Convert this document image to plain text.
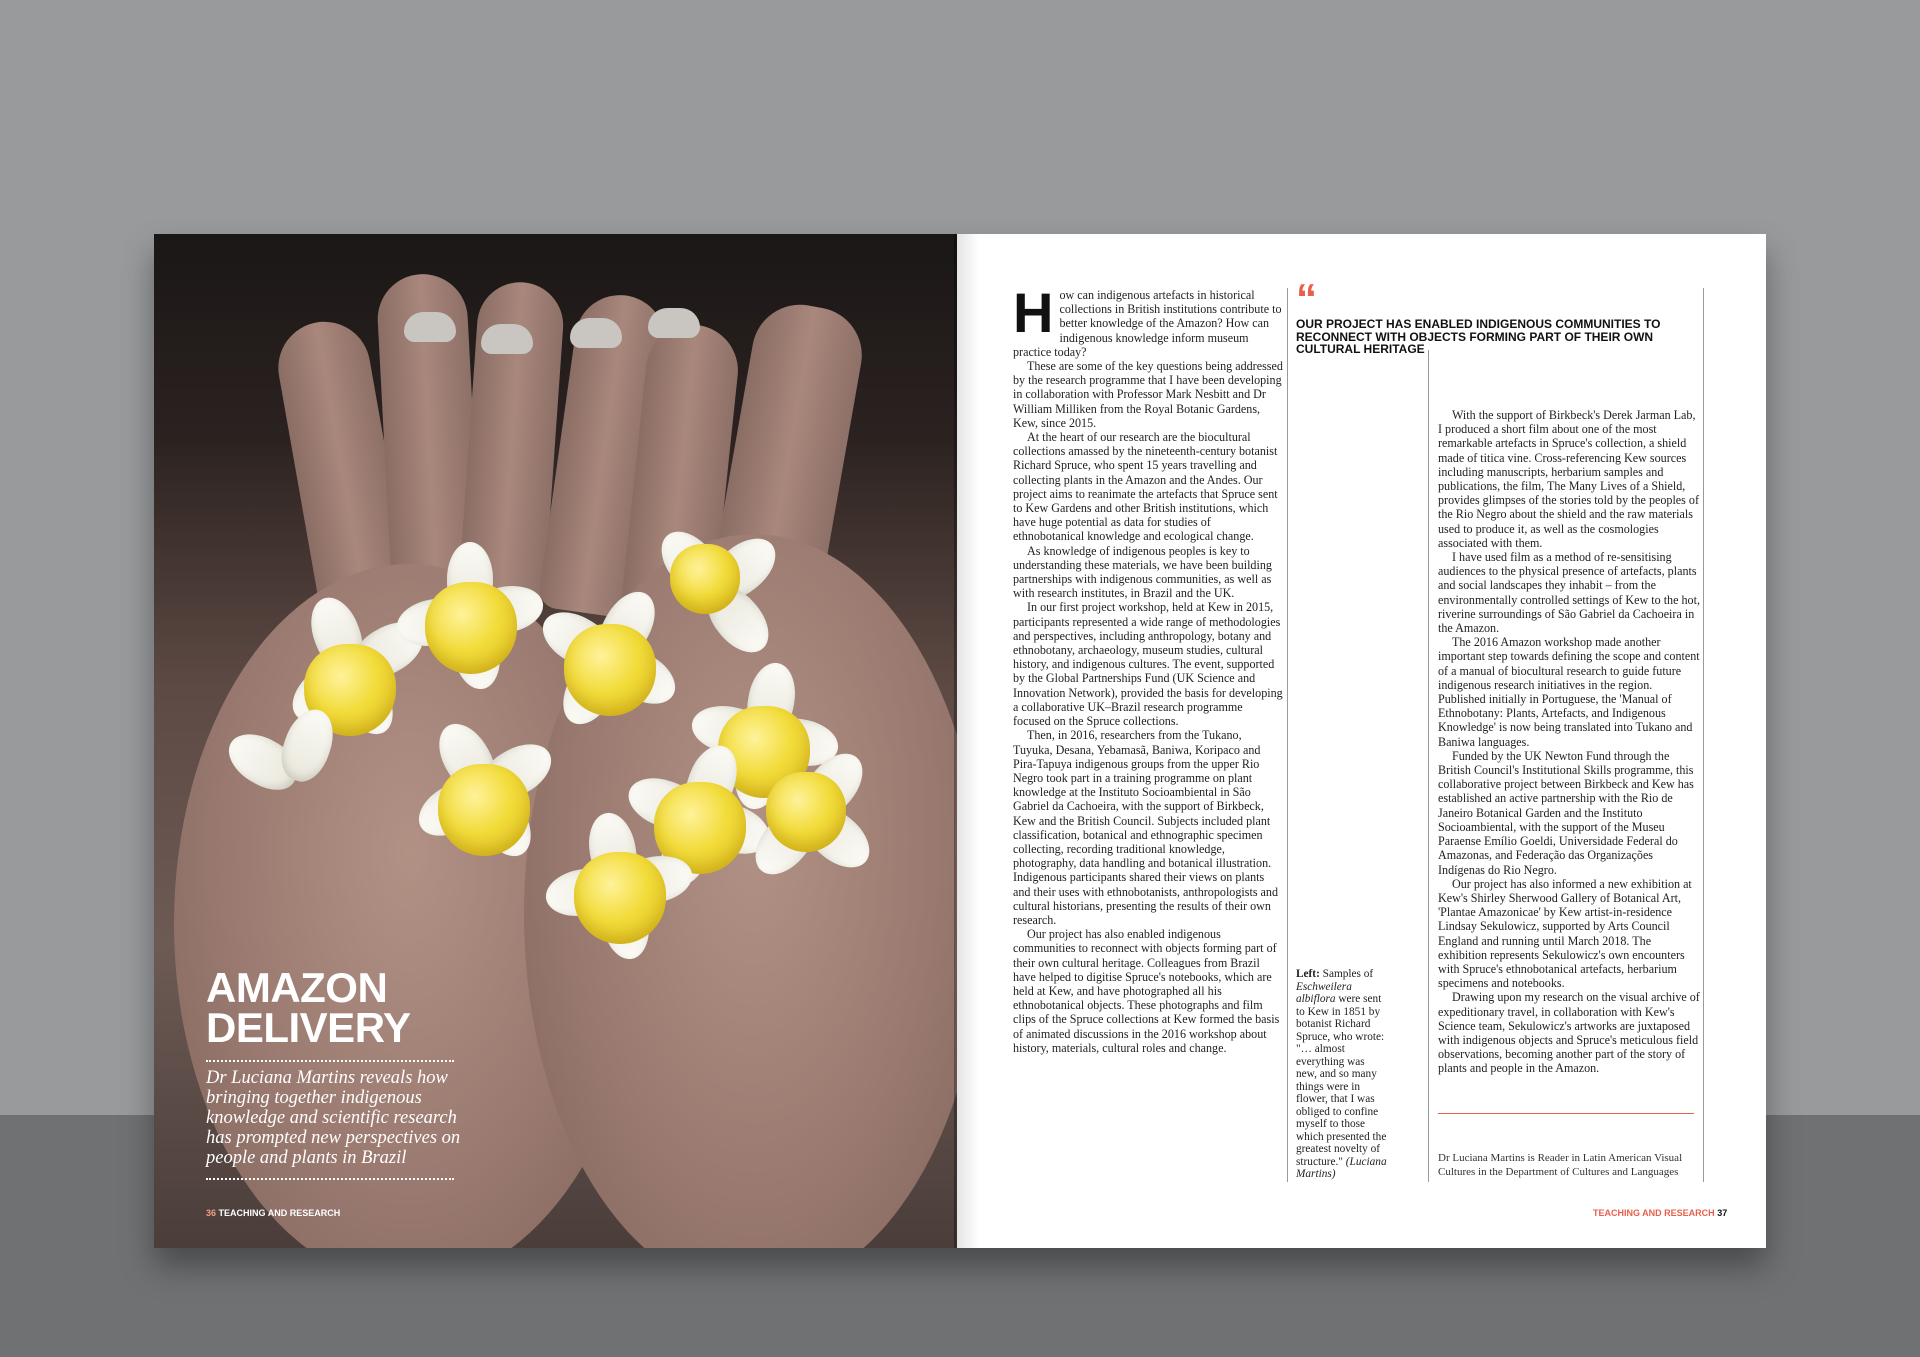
AMAZON
DELIVERY

Dr Luciana Martins reveals how bringing together indigenous knowledge and scientific research has prompted new perspectives on people and plants in Brazil

36 TEACHING AND RESEARCH

How can indigenous artefacts in historical collections in British institutions contribute to better knowledge of the Amazon? How can indigenous knowledge inform museum practice today?

These are some of the key questions being addressed by the research programme that I have been developing in collaboration with Professor Mark Nesbitt and Dr William Milliken from the Royal Botanic Gardens, Kew, since 2015.

At the heart of our research are the biocultural collections amassed by the nineteenth-century botanist Richard Spruce, who spent 15 years travelling and collecting plants in the Amazon and the Andes. Our project aims to reanimate the artefacts that Spruce sent to Kew Gardens and other British institutions, which have huge potential as data for studies of ethnobotanical knowledge and ecological change.

As knowledge of indigenous peoples is key to understanding these materials, we have been building partnerships with indigenous communities, as well as with research institutes, in Brazil and the UK.

In our first project workshop, held at Kew in 2015, participants represented a wide range of methodologies and perspectives, including anthropology, botany and ethnobotany, archaeology, museum studies, cultural history, and indigenous cultures. The event, supported by the Global Partnerships Fund (UK Science and Innovation Network), provided the basis for developing a collaborative UK–Brazil research programme focused on the Spruce collections.

Then, in 2016, researchers from the Tukano, Tuyuka, Desana, Yebamasã, Baniwa, Koripaco and Pira-Tapuya indigenous groups from the upper Rio Negro took part in a training programme on plant knowledge at the Instituto Socioambiental in São Gabriel da Cachoeira, with the support of Birkbeck, Kew and the British Council. Subjects included plant classification, botanical and ethnographic specimen collecting, recording traditional knowledge, photography, data handling and botanical illustration. Indigenous participants shared their views on plants and their uses with ethnobotanists, anthropologists and cultural historians, presenting the results of their own research.

Our project has also enabled indigenous communities to reconnect with objects forming part of their own cultural heritage. Colleagues from Brazil have helped to digitise Spruce's notebooks, which are held at Kew, and have photographed all his ethnobotanical objects. These photographs and film clips of the Spruce collections at Kew formed the basis of animated discussions in the 2016 workshop about history, materials, cultural roles and change.

“

OUR PROJECT HAS ENABLED INDIGENOUS COMMUNITIES TO RECONNECT WITH OBJECTS FORMING PART OF THEIR OWN CULTURAL HERITAGE

Left: Samples of Eschweilera albiflora were sent to Kew in 1851 by botanist Richard Spruce, who wrote: "… almost everything was new, and so many things were in flower, that I was obliged to confine myself to those which presented the greatest novelty of structure." (Luciana Martins)

With the support of Birkbeck's Derek Jarman Lab, I produced a short film about one of the most remarkable artefacts in Spruce's collection, a shield made of titica vine. Cross-referencing Kew sources including manuscripts, herbarium samples and publications, the film, The Many Lives of a Shield, provides glimpses of the stories told by the peoples of the Rio Negro about the shield and the raw materials used to produce it, as well as the cosmologies associated with them.

I have used film as a method of re-sensitising audiences to the physical presence of artefacts, plants and social landscapes they inhabit – from the environmentally controlled settings of Kew to the hot, riverine surroundings of São Gabriel da Cachoeira in the Amazon.

The 2016 Amazon workshop made another important step towards defining the scope and content of a manual of biocultural research to guide future indigenous research initiatives in the region. Published initially in Portuguese, the 'Manual of Ethnobotany: Plants, Artefacts, and Indigenous Knowledge' is now being translated into Tukano and Baniwa languages.

Funded by the UK Newton Fund through the British Council's Institutional Skills programme, this collaborative project between Birkbeck and Kew has established an active partnership with the Rio de Janeiro Botanical Garden and the Instituto Socioambiental, with the support of the Museu Paraense Emílio Goeldi, Universidade Federal do Amazonas, and Federação das Organizações Indígenas do Rio Negro.

Our project has also informed a new exhibition at Kew's Shirley Sherwood Gallery of Botanical Art, 'Plantae Amazonicae' by Kew artist-in-residence Lindsay Sekulowicz, supported by Arts Council England and running until March 2018. The exhibition represents Sekulowicz's own encounters with Spruce's ethnobotanical artefacts, herbarium specimens and notebooks.

Drawing upon my research on the visual archive of expeditionary travel, in collaboration with Kew's Science team, Sekulowicz's artworks are juxtaposed with indigenous objects and Spruce's meticulous field observations, becoming another part of the story of plants and people in the Amazon.

Dr Luciana Martins is Reader in Latin American Visual Cultures in the Department of Cultures and Languages

TEACHING AND RESEARCH 37
